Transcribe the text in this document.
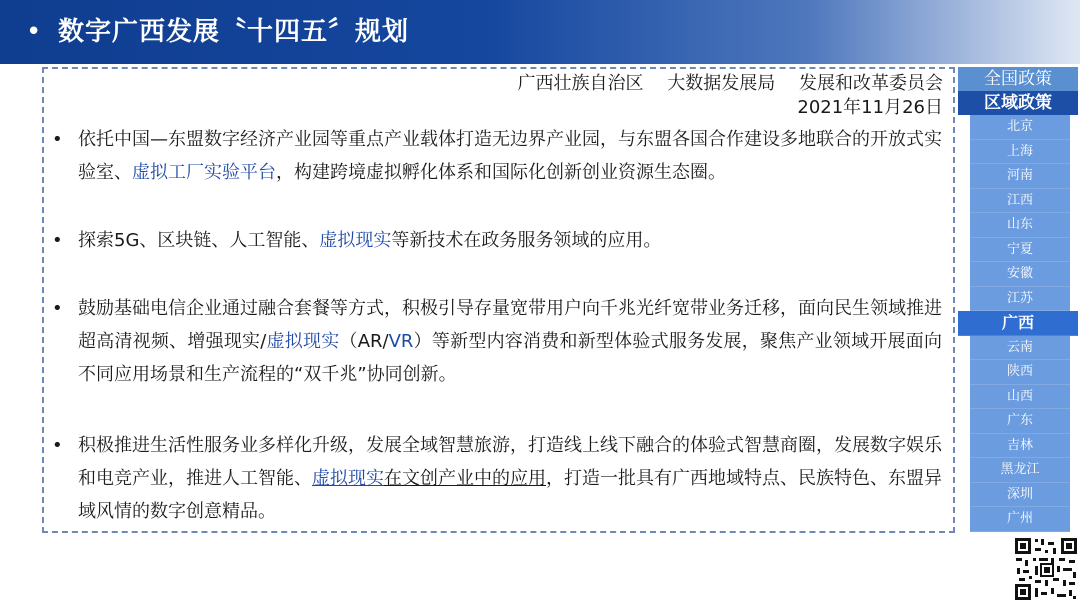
• 数字广西发展〝十四五〞规划
广西壮族自治区 大数据发展局 发展和改革委员会
2021年11月26日
• 依托中国—东盟数字经济产业园等重点产业载体打造无边界产业园，与东盟各国合作建设多地联合的开放式实验室、虚拟工厂实验平台，构建跨境虚拟孵化体系和国际化创新创业资源生态圈。
• 探索5G、区块链、人工智能、虚拟现实等新技术在政务服务领域的应用。
• 鼓励基础电信企业通过融合套餐等方式，积极引导存量宽带用户向千兆光纤宽带业务迁移，面向民生领域推进超高清视频、增强现实/虚拟现实（AR/VR）等新型内容消费和新型体验式服务发展，聚焦产业领域开展面向不同应用场景和生产流程的“双千兆”协同创新。
• 积极推进生活性服务业多样化升级，发展全域智慧旅游，打造线上线下融合的体验式智慧商圈，发展数字娱乐和电竞产业，推进人工智能、虚拟现实在文创产业中的应用，打造一批具有广西地域特点、民族特色、东盟异域风情的数字创意精品。
全国政策
区域政策
北京
上海
河南
江西
山东
宁夏
安徽
江苏
广西
云南
陕西
山西
广东
吉林
黑龙江
深圳
广州
